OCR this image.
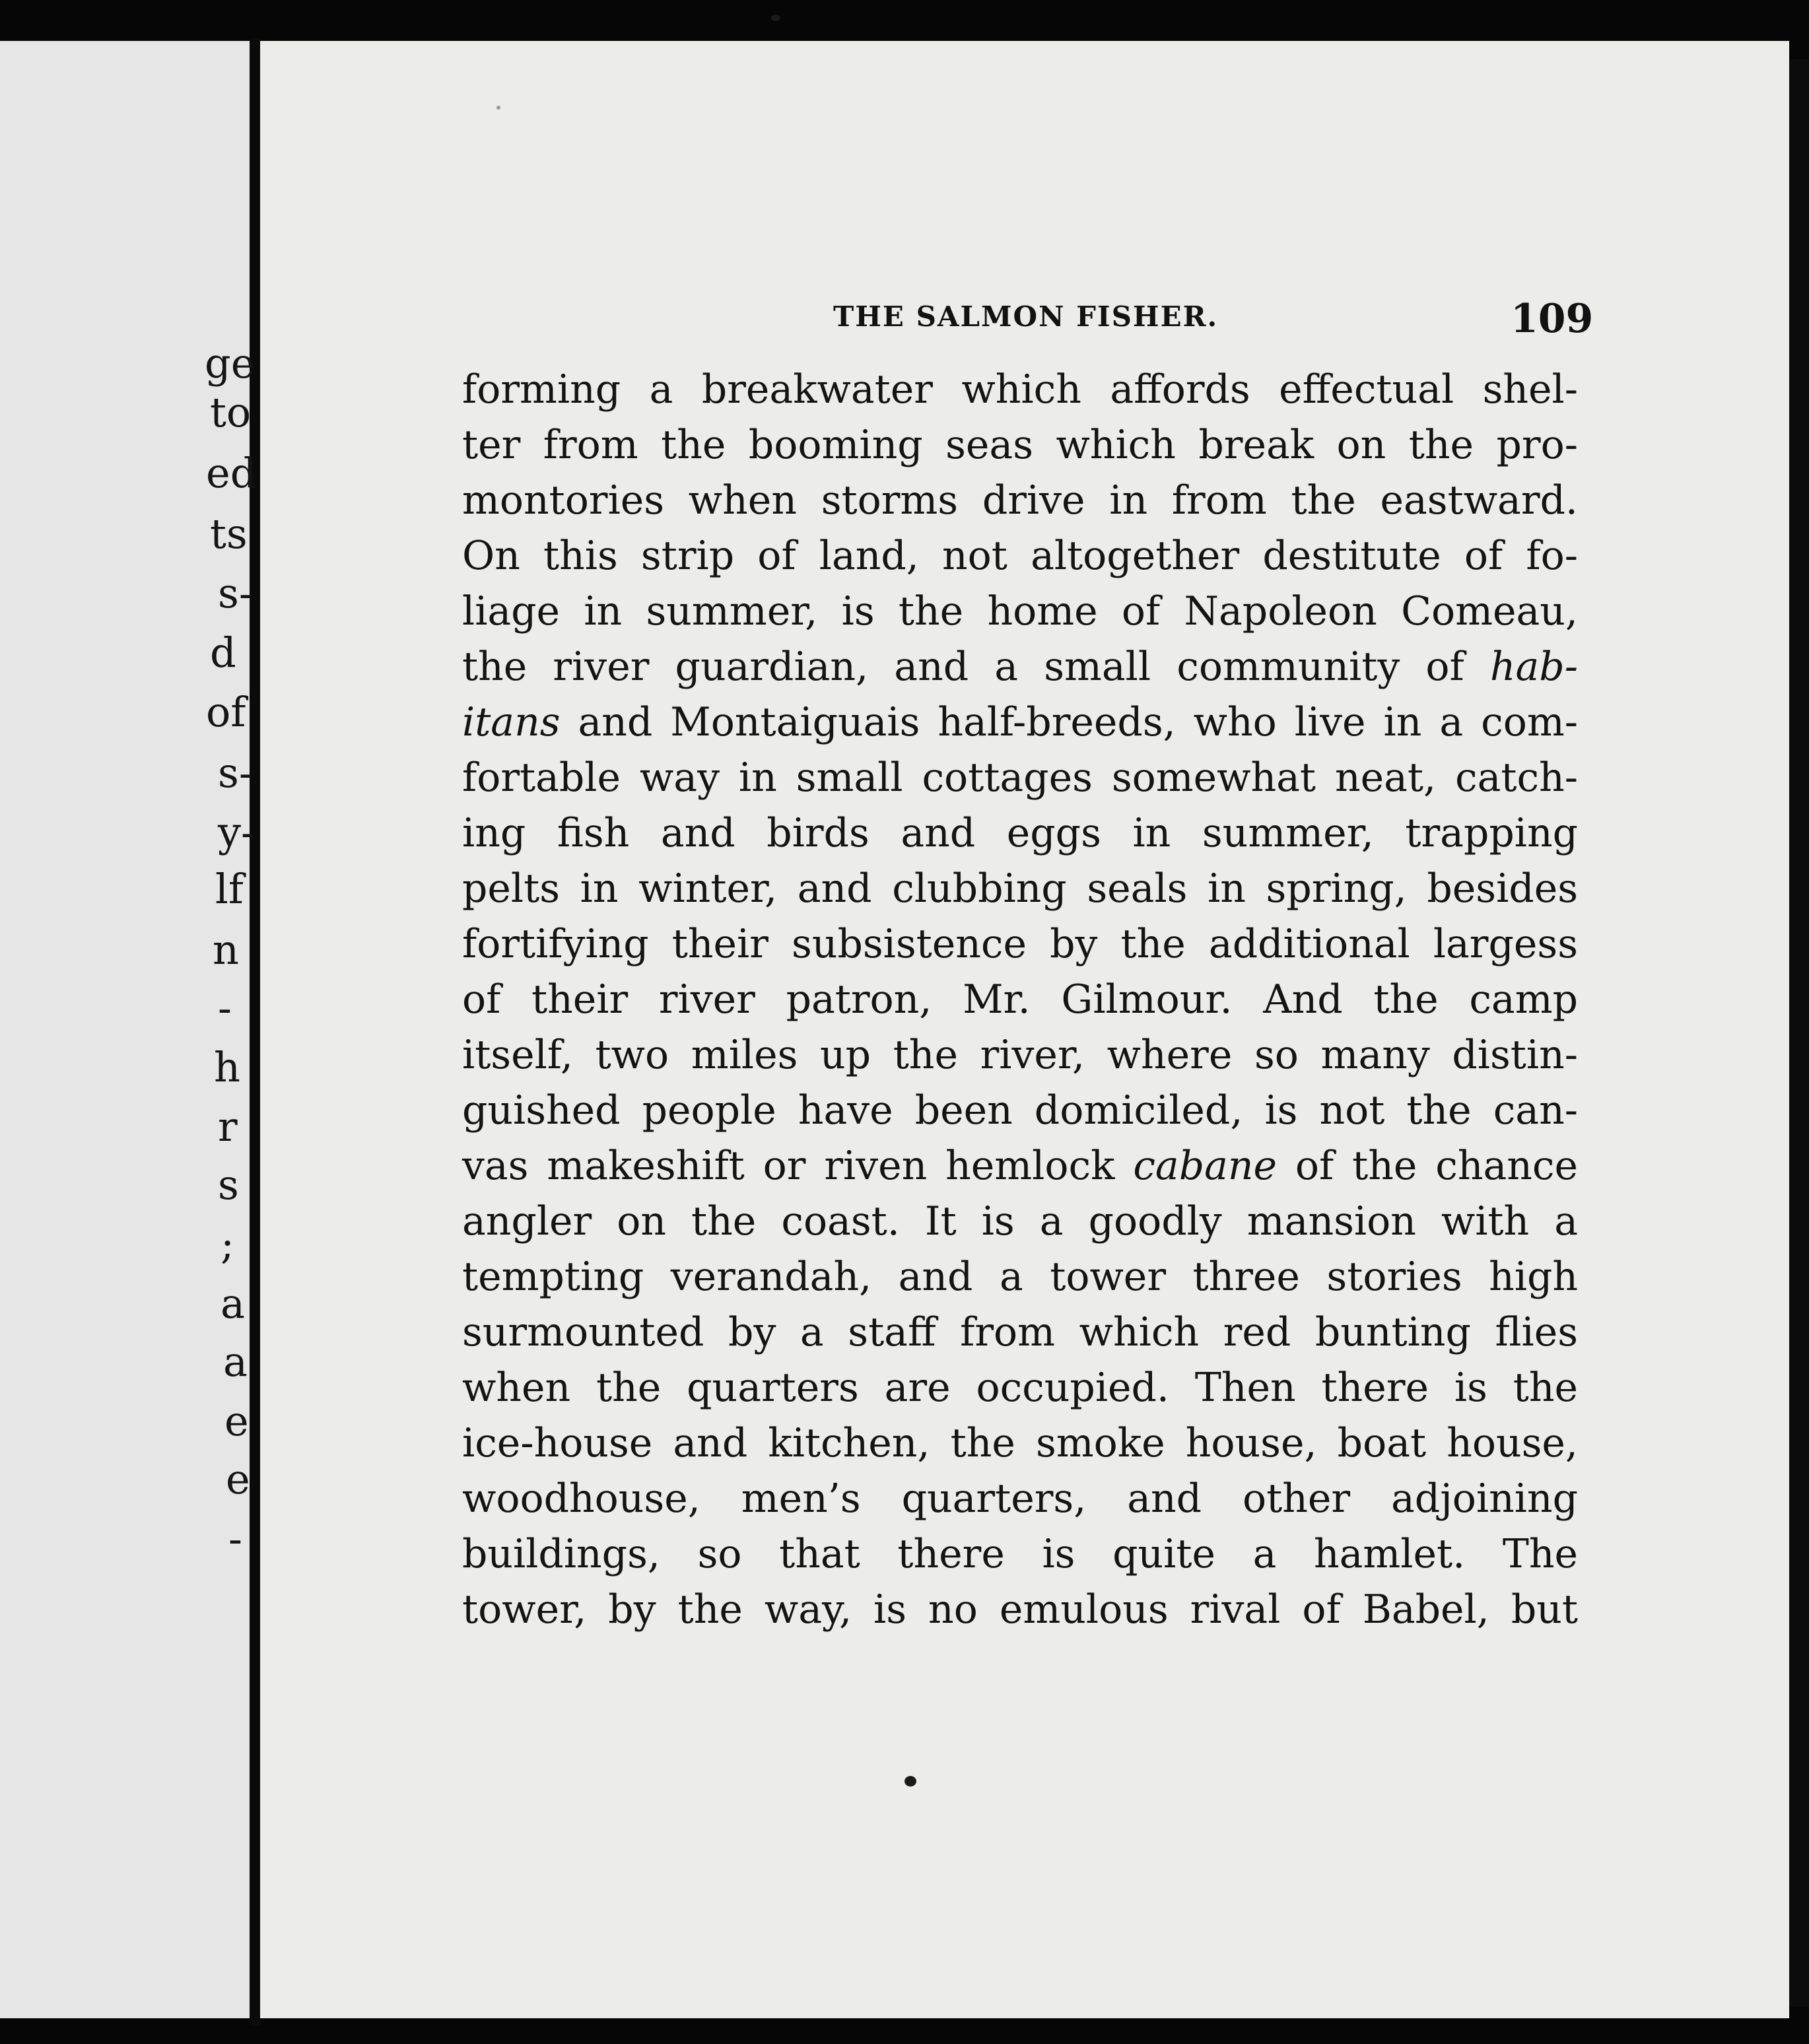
ge
to
ed
ts
s-
d
of
s-
y-
lf
n
-
h
r
s
;
a
a
e
e
-
THE SALMON FISHER.	109
forming a breakwater which affords effectual shel-
ter from the booming seas which break on the pro-
montories when storms drive in from the eastward.
On this strip of land, not altogether destitute of fo-
liage in summer, is the home of Napoleon Comeau,
the river guardian, and a small community of hab-
itans and Montaiguais half-breeds, who live in a com-
fortable way in small cottages somewhat neat, catch-
ing fish and birds and eggs in summer, trapping
pelts in winter, and clubbing seals in spring, besides
fortifying their subsistence by the additional largess
of their river patron, Mr. Gilmour. And the camp
itself, two miles up the river, where so many distin-
guished people have been domiciled, is not the can-
vas makeshift or riven hemlock cabane of the chance
angler on the coast. It is a goodly mansion with a
tempting verandah, and a tower three stories high
surmounted by a staff from which red bunting flies
when the quarters are occupied. Then there is the
ice-house and kitchen, the smoke house, boat house,
woodhouse, men’s quarters, and other adjoining
buildings, so that there is quite a hamlet. The
tower, by the way, is no emulous rival of Babel, but
